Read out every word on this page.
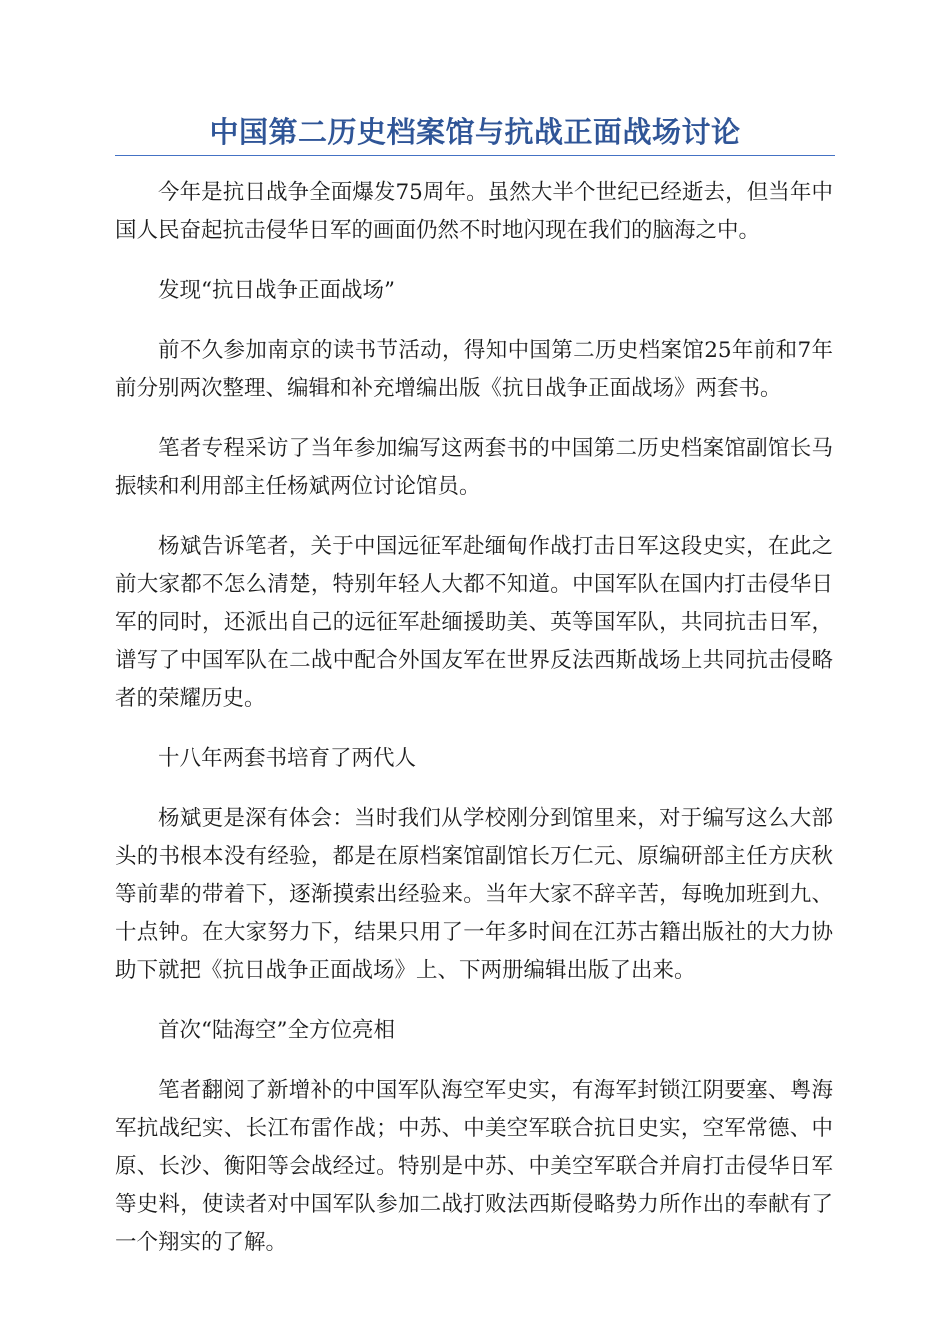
中国第二历史档案馆与抗战正面战场讨论

今年是抗日战争全面爆发75周年。虽然大半个世纪已经逝去，但当年中国人民奋起抗击侵华日军的画面仍然不时地闪现在我们的脑海之中。

发现“抗日战争正面战场”

前不久参加南京的读书节活动，得知中国第二历史档案馆25年前和7年前分别两次整理、编辑和补充增编出版《抗日战争正面战场》两套书。

笔者专程采访了当年参加编写这两套书的中国第二历史档案馆副馆长马振犊和利用部主任杨斌两位讨论馆员。

杨斌告诉笔者，关于中国远征军赴缅甸作战打击日军这段史实，在此之前大家都不怎么清楚，特别年轻人大都不知道。中国军队在国内打击侵华日军的同时，还派出自己的远征军赴缅援助美、英等国军队，共同抗击日军，谱写了中国军队在二战中配合外国友军在世界反法西斯战场上共同抗击侵略者的荣耀历史。

十八年两套书培育了两代人

杨斌更是深有体会：当时我们从学校刚分到馆里来，对于编写这么大部头的书根本没有经验，都是在原档案馆副馆长万仁元、原编研部主任方庆秋等前辈的带着下，逐渐摸索出经验来。当年大家不辞辛苦，每晚加班到九、十点钟。在大家努力下，结果只用了一年多时间在江苏古籍出版社的大力协助下就把《抗日战争正面战场》上、下两册编辑出版了出来。

首次“陆海空”全方位亮相

笔者翻阅了新增补的中国军队海空军史实，有海军封锁江阴要塞、粤海军抗战纪实、长江布雷作战；中苏、中美空军联合抗日史实，空军常德、中原、长沙、衡阳等会战经过。特别是中苏、中美空军联合并肩打击侵华日军等史料，使读者对中国军队参加二战打败法西斯侵略势力所作出的奉献有了一个翔实的了解。
